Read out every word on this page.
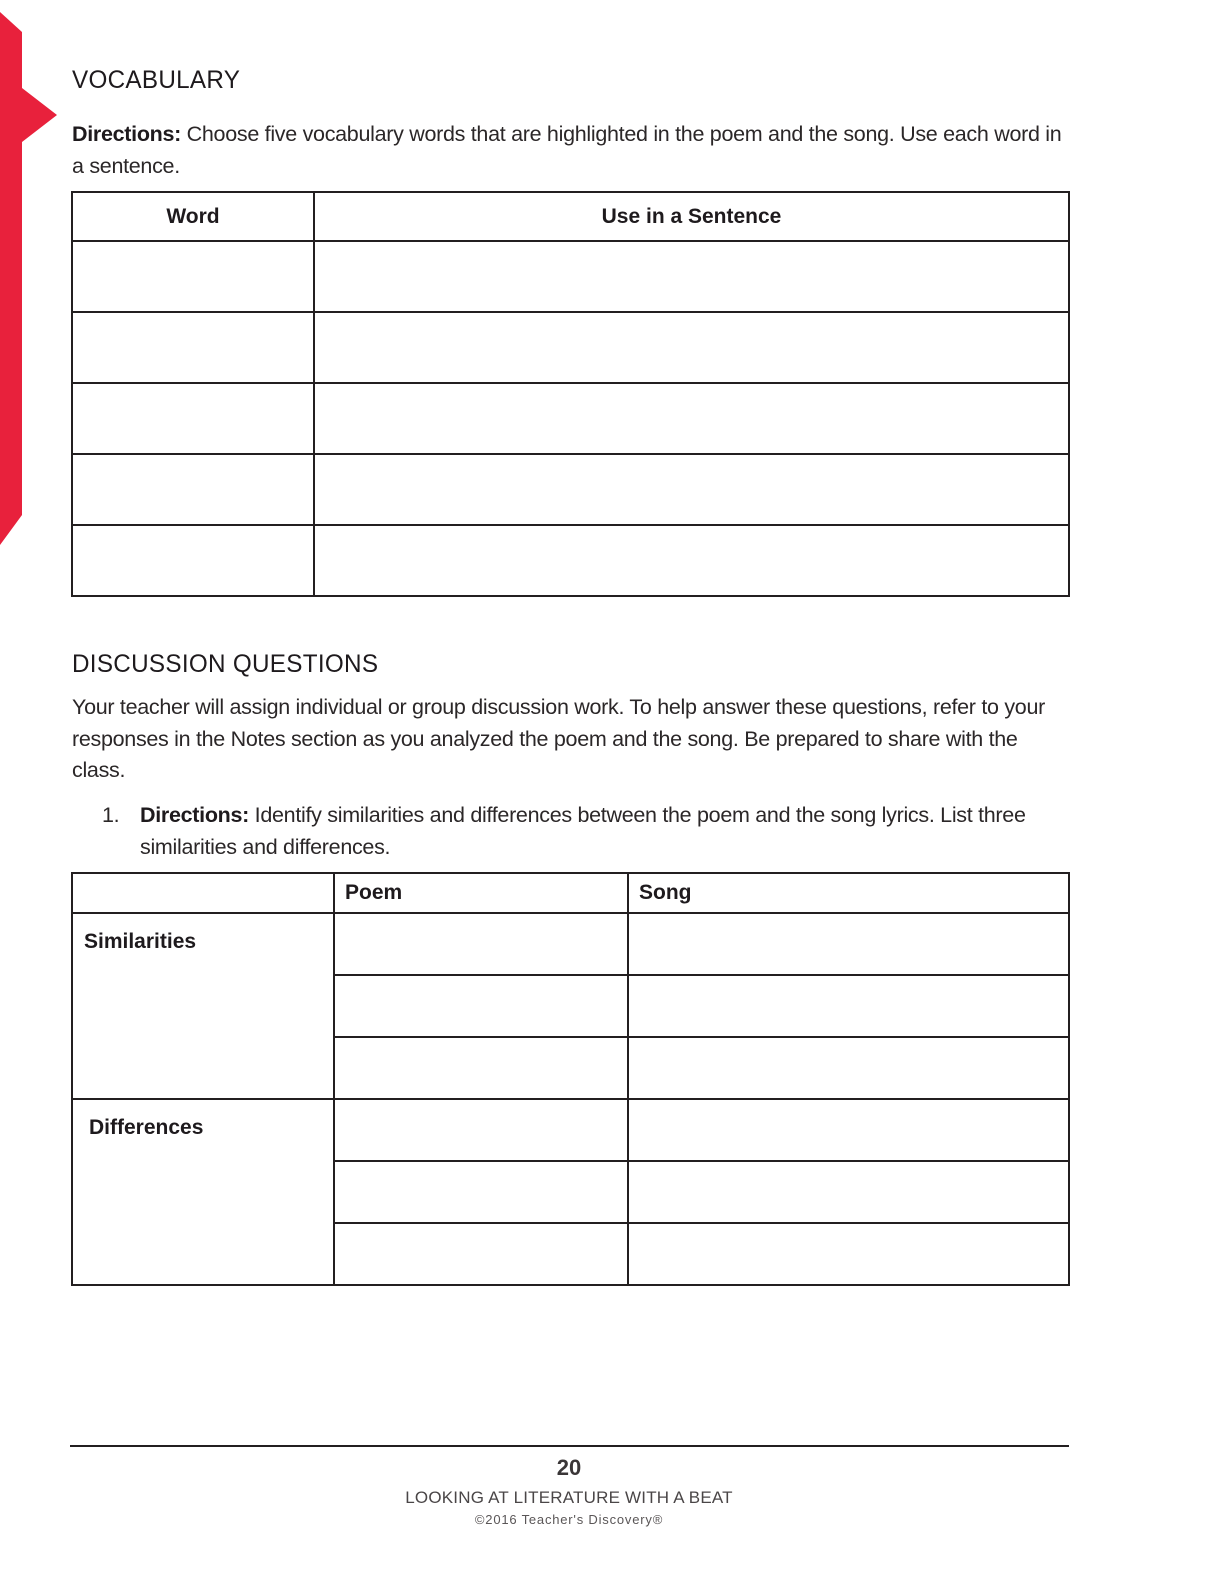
VOCABULARY

Directions: Choose five vocabulary words that are highlighted in the poem and the song. Use each word in a sentence.

Word	Use in a Sentence

DISCUSSION QUESTIONS

Your teacher will assign individual or group discussion work. To help answer these questions, refer to your responses in the Notes section as you analyzed the poem and the song. Be prepared to share with the class.

1. Directions: Identify similarities and differences between the poem and the song lyrics. List three similarities and differences.
	Poem	Song
Similarities		

Differences		

20
LOOKING AT LITERATURE WITH A BEAT
©2016 Teacher's Discovery®
